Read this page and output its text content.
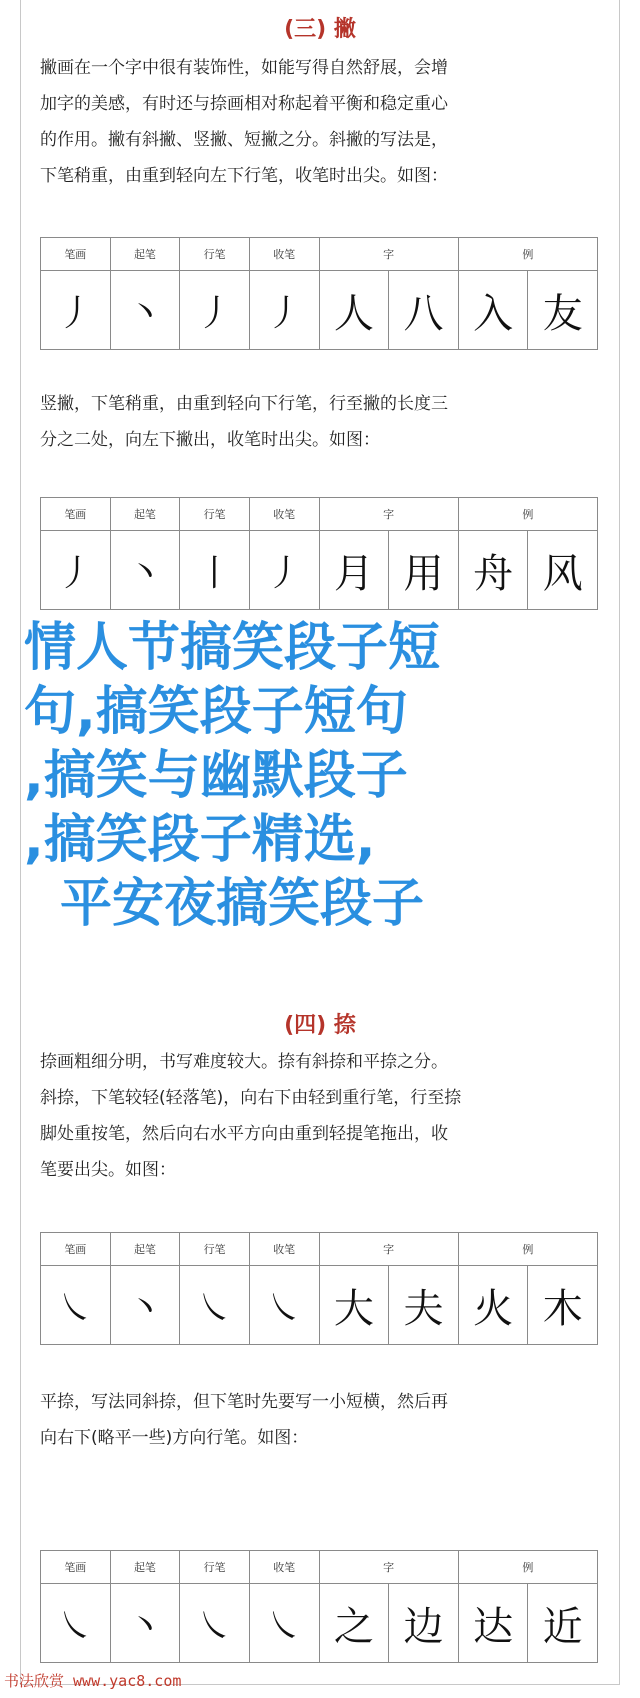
(三) 撇
撇画在一个字中很有装饰性，如能写得自然舒展，会增
加字的美感，有时还与捺画相对称起着平衡和稳定重心
的作用。撇有斜撇、竖撇、短撇之分。斜撇的写法是，
下笔稍重，由重到轻向左下行笔，收笔时出尖。如图：
笔画	起笔	行笔	收笔	字		例	
丿	丶	丿	丿	人	八	入	友
竖撇，下笔稍重，由重到轻向下行笔，行至撇的长度三
分之二处，向左下撇出，收笔时出尖。如图：
笔画	起笔	行笔	收笔	字		例	
丿	丶	丨	丿	月	用	舟	风
(四) 捺
捺画粗细分明，书写难度较大。捺有斜捺和平捺之分。
斜捺，下笔较轻(轻落笔)，向右下由轻到重行笔，行至捺
脚处重按笔，然后向右水平方向由重到轻提笔拖出，收
笔要出尖。如图：
笔画	起笔	行笔	收笔	字		例	
㇏	丶	㇏	㇏	大	夫	火	木
平捺，写法同斜捺，但下笔时先要写一小短横，然后再
向右下(略平一些)方向行笔。如图：
笔画	起笔	行笔	收笔	字		例	
㇏	丶	㇏	㇏	之	边	达	近
情人节搞笑段子短
句,搞笑段子短句
,搞笑与幽默段子
,搞笑段子精选,
平安夜搞笑段子
书法欣赏 www.yac8.com
